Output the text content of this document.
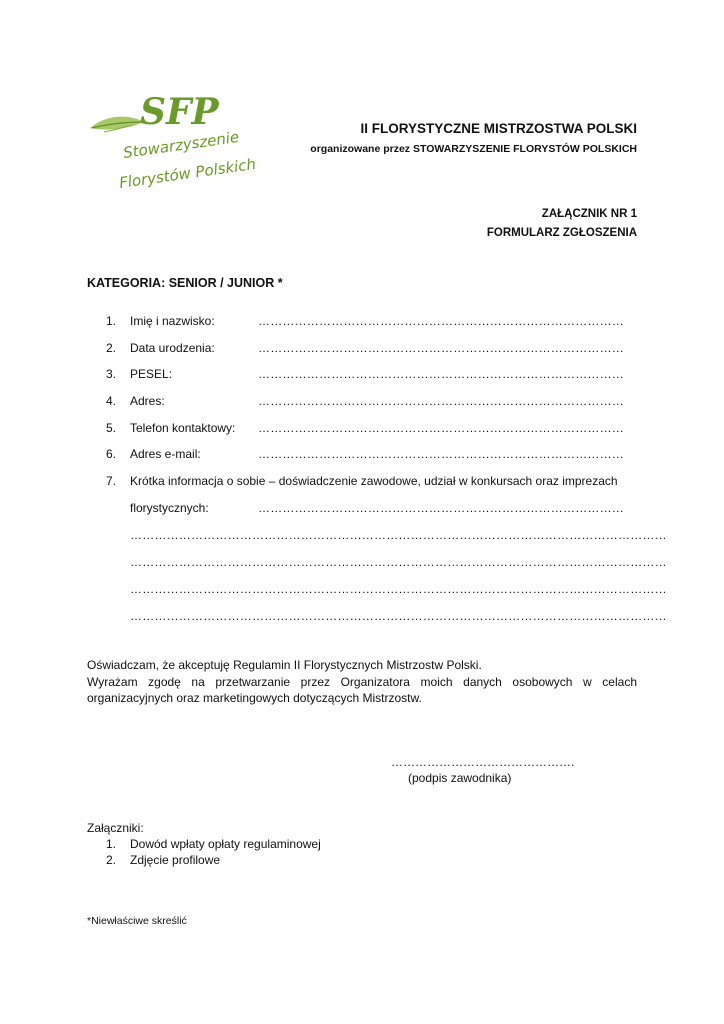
SFP
Stowarzyszenie
Florystów Polskich
II FLORYSTYCZNE MISTRZOSTWA POLSKI
organizowane przez STOWARZYSZENIE FLORYSTÓW POLSKICH
ZAŁĄCZNIK NR 1
FORMULARZ ZGŁOSZENIA
KATEGORIA: SENIOR / JUNIOR *
1. Imię i nazwisko:	………………………………………………………………………………
2. Data urodzenia:	………………………………………………………………………………
3. PESEL:	………………………………………………………………………………
4. Adres:	………………………………………………………………………………
5. Telefon kontaktowy: ………………………………………………………………………………
6. Adres e-mail:	………………………………………………………………………………
7. Krótka informacja o sobie – doświadczenie zawodowe, udział w konkursach oraz imprezach
florystycznych:	………………………………………………………………………………
……………………………………………………………………………………………………………………
……………………………………………………………………………………………………………………
……………………………………………………………………………………………………………………
……………………………………………………………………………………………………………………

Oświadczam, że akceptuję Regulamin II Florystycznych Mistrzostw Polski.

Wyrażam zgodę na przetwarzanie przez Organizatora moich danych osobowych w celach organizacyjnych oraz marketingowych dotyczących Mistrzostw.

……………………………………….
(podpis zawodnika)
Załączniki:
1. Dowód wpłaty opłaty regulaminowej
2. Zdjęcie profilowe
*Niewłaściwe skreślić
